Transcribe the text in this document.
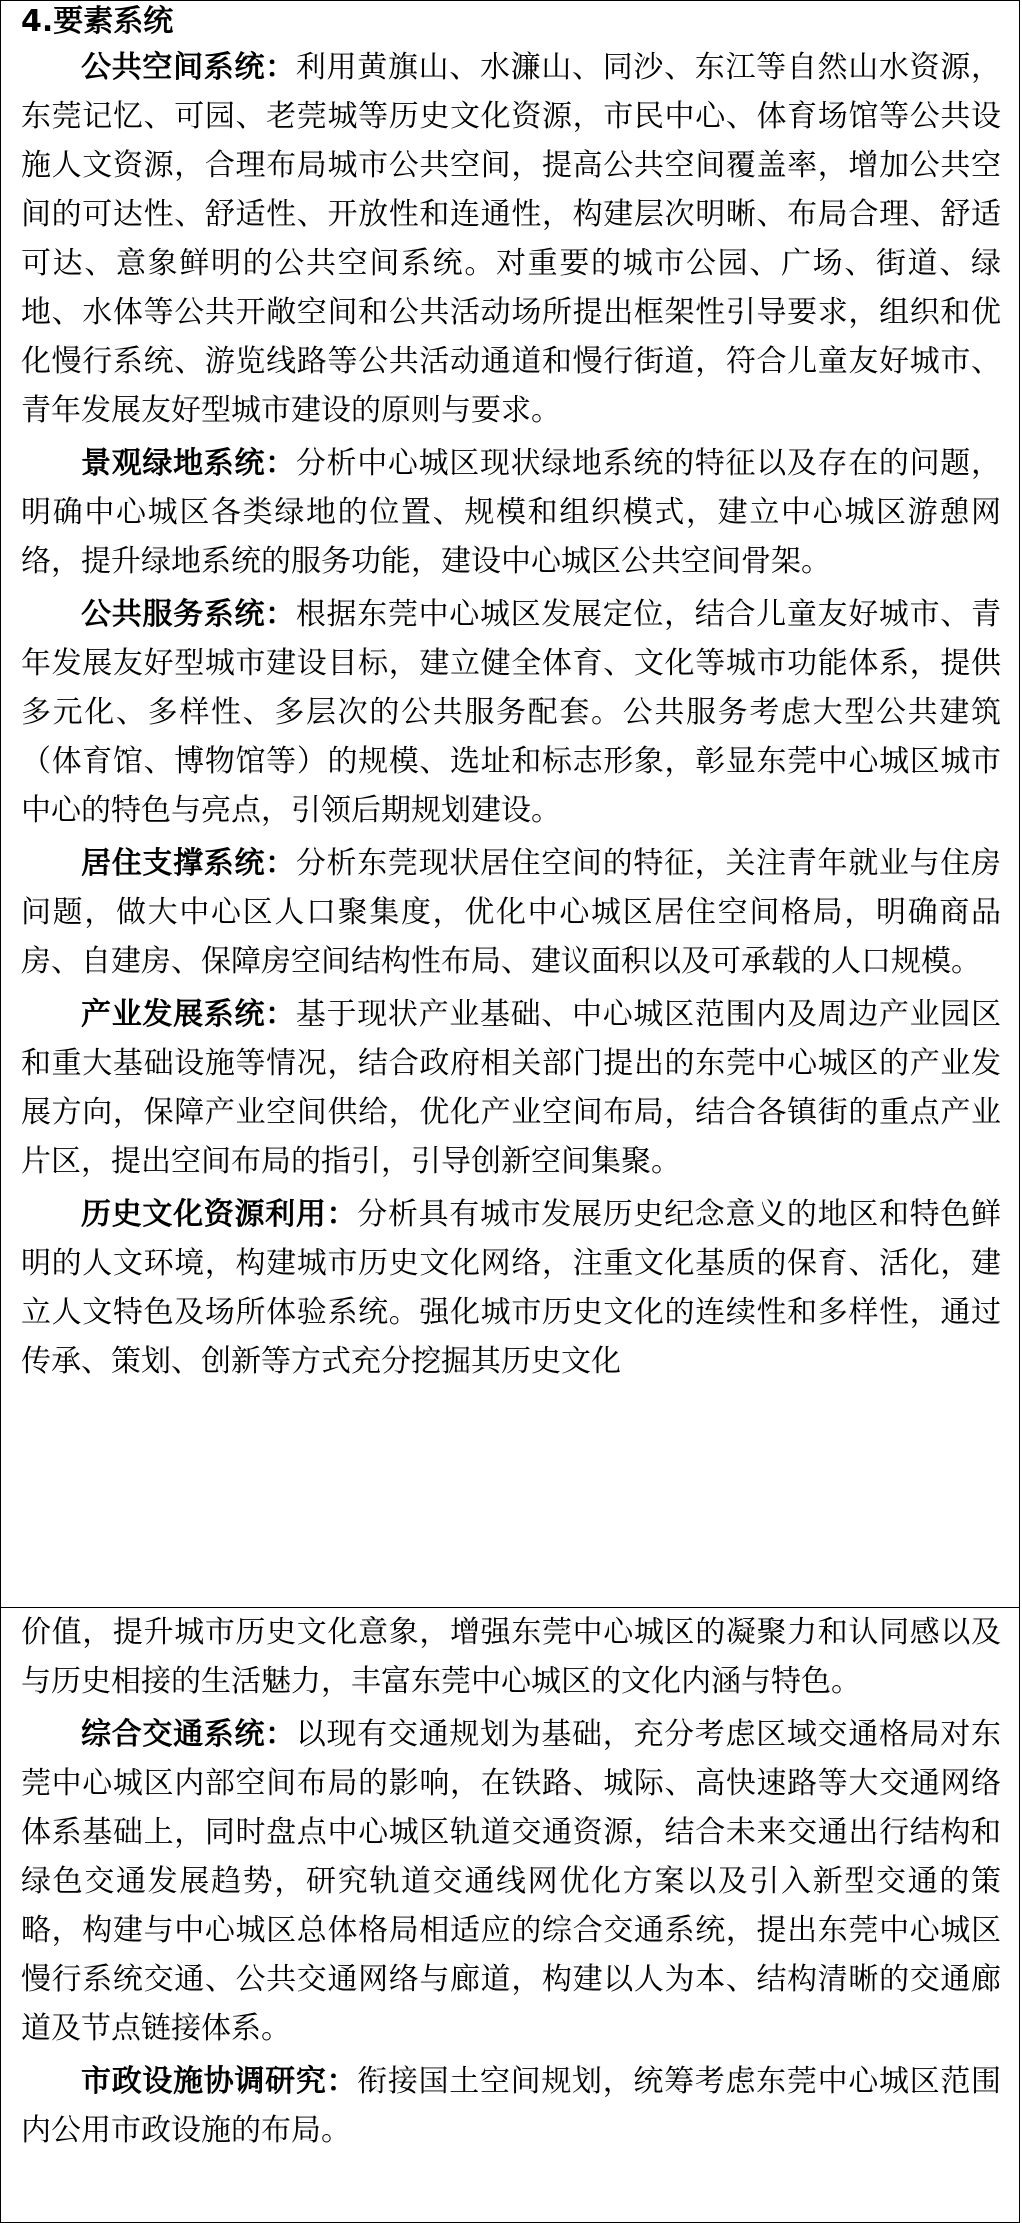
4.要素系统

公共空间系统：利用黄旗山、水濂山、同沙、东江等自然山水资源，东莞记忆、可园、老莞城等历史文化资源，市民中心、体育场馆等公共设施人文资源，合理布局城市公共空间，提高公共空间覆盖率，增加公共空间的可达性、舒适性、开放性和连通性，构建层次明晰、布局合理、舒适可达、意象鲜明的公共空间系统。对重要的城市公园、广场、街道、绿地、水体等公共开敞空间和公共活动场所提出框架性引导要求，组织和优化慢行系统、游览线路等公共活动通道和慢行街道，符合儿童友好城市、青年发展友好型城市建设的原则与要求。

景观绿地系统：分析中心城区现状绿地系统的特征以及存在的问题，明确中心城区各类绿地的位置、规模和组织模式，建立中心城区游憩网络，提升绿地系统的服务功能，建设中心城区公共空间骨架。

公共服务系统：根据东莞中心城区发展定位，结合儿童友好城市、青年发展友好型城市建设目标，建立健全体育、文化等城市功能体系，提供多元化、多样性、多层次的公共服务配套。公共服务考虑大型公共建筑（体育馆、博物馆等）的规模、选址和标志形象，彰显东莞中心城区城市中心的特色与亮点，引领后期规划建设。

居住支撑系统：分析东莞现状居住空间的特征，关注青年就业与住房问题，做大中心区人口聚集度，优化中心城区居住空间格局，明确商品房、自建房、保障房空间结构性布局、建议面积以及可承载的人口规模。

产业发展系统：基于现状产业基础、中心城区范围内及周边产业园区和重大基础设施等情况，结合政府相关部门提出的东莞中心城区的产业发展方向，保障产业空间供给，优化产业空间布局，结合各镇街的重点产业片区，提出空间布局的指引，引导创新空间集聚。

历史文化资源利用：分析具有城市发展历史纪念意义的地区和特色鲜明的人文环境，构建城市历史文化网络，注重文化基质的保育、活化，建立人文特色及场所体验系统。强化城市历史文化的连续性和多样性，通过传承、策划、创新等方式充分挖掘其历史文化

价值，提升城市历史文化意象，增强东莞中心城区的凝聚力和认同感以及与历史相接的生活魅力，丰富东莞中心城区的文化内涵与特色。

综合交通系统：以现有交通规划为基础，充分考虑区域交通格局对东莞中心城区内部空间布局的影响，在铁路、城际、高快速路等大交通网络体系基础上，同时盘点中心城区轨道交通资源，结合未来交通出行结构和绿色交通发展趋势，研究轨道交通线网优化方案以及引入新型交通的策略，构建与中心城区总体格局相适应的综合交通系统，提出东莞中心城区慢行系统交通、公共交通网络与廊道，构建以人为本、结构清晰的交通廊道及节点链接体系。

市政设施协调研究：衔接国土空间规划，统筹考虑东莞中心城区范围内公用市政设施的布局。
